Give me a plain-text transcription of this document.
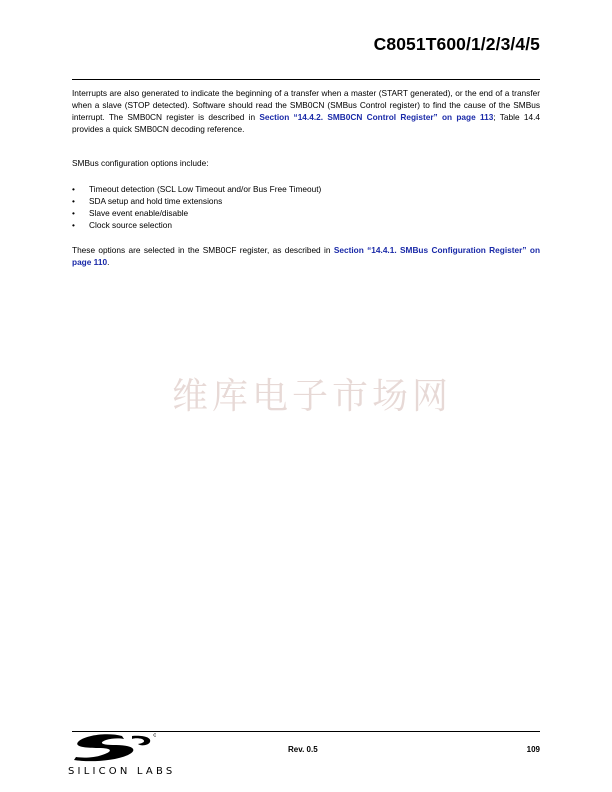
C8051T600/1/2/3/4/5

Interrupts are also generated to indicate the beginning of a transfer when a master (START generated), or the end of a transfer when a slave (STOP detected). Software should read the SMB0CN (SMBus Control register) to find the cause of the SMBus interrupt. The SMB0CN register is described in Section “14.4.2. SMB0CN Control Register” on page 113; Table 14.4 provides a quick SMB0CN decoding reference.

SMBus configuration options include:

• Timeout detection (SCL Low Timeout and/or Bus Free Timeout)
• SDA setup and hold time extensions
• Slave event enable/disable
• Clock source selection

These options are selected in the SMB0CF register, as described in Section “14.4.1. SMBus Configuration Register” on page 110.

维库电子市场网
SILICON LABS
Rev. 0.5	109
